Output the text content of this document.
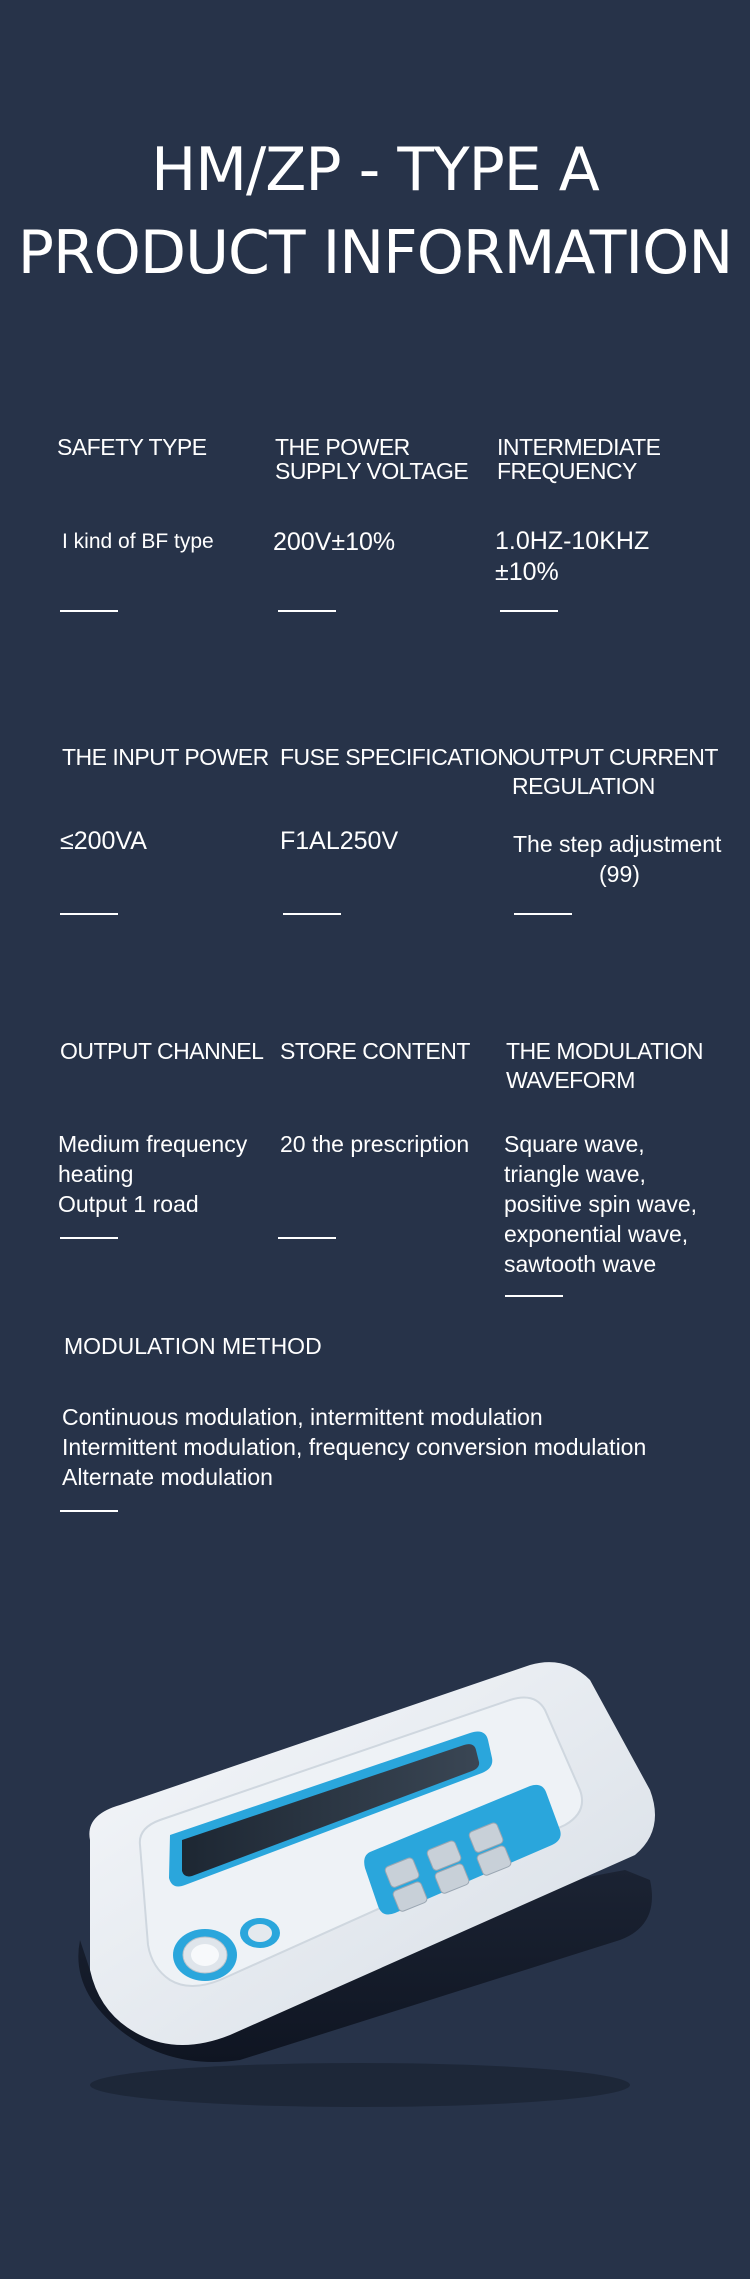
HM/ZP - TYPE A
PRODUCT INFORMATION
SAFETY TYPE
I kind of BF type
THE POWER
SUPPLY VOLTAGE
200V±10%
INTERMEDIATE
FREQUENCY
1.0HZ-10KHZ
±10%
THE INPUT POWER
≤200VA
FUSE SPECIFICATION
F1AL250V
OUTPUT CURRENT
REGULATION
The step adjustment
(99)
OUTPUT CHANNEL
Medium frequency
heating
Output 1 road
STORE CONTENT
20 the prescription
THE MODULATION
WAVEFORM
Square wave,
triangle wave,
positive spin wave,
exponential wave,
sawtooth wave
MODULATION METHOD
Continuous modulation, intermittent modulation
Intermittent modulation, frequency conversion modulation
Alternate modulation
